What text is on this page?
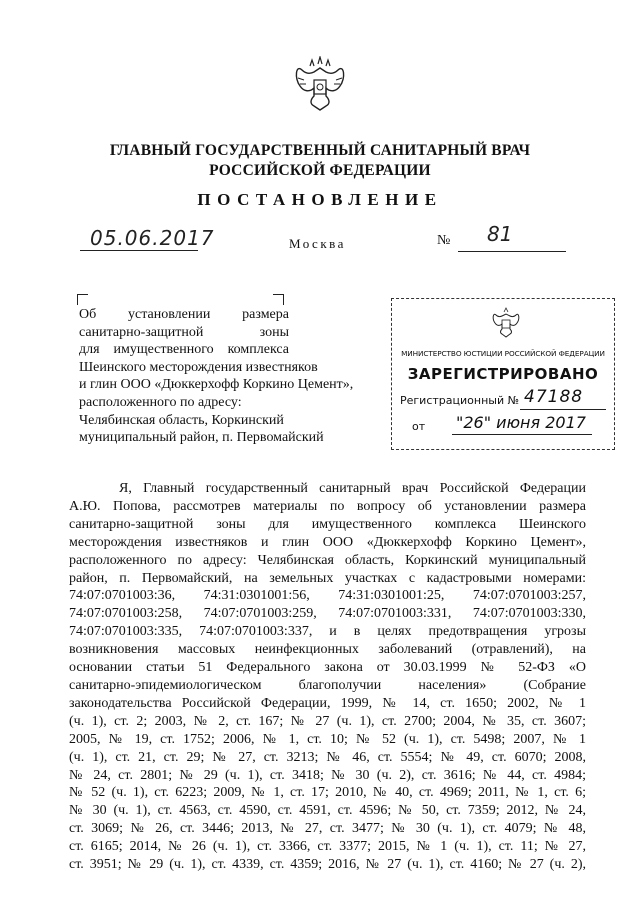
ГЛАВНЫЙ ГОСУДАРСТВЕННЫЙ САНИТАРНЫЙ ВРАЧ
РОССИЙСКОЙ ФЕДЕРАЦИИ
ПОСТАНОВЛЕНИЕ
05.06.2017	Москва	№ 81
Об установлении размера
санитарно-защитной зоны
для имущественного комплекса
Шеинского месторождения известняков
и глин ООО «Дюккерхофф Коркино Цемент»,
расположенного по адресу:
Челябинская область, Коркинский
муниципальный район, п. Первомайский
МИНИСТЕРСТВО ЮСТИЦИИ РОССИЙСКОЙ ФЕДЕРАЦИИ
ЗАРЕГИСТРИРОВАНО
Регистрационный № 47188
от "26" июня 2017
Я, Главный государственный санитарный врач Российской Федерации
А.Ю. Попова, рассмотрев материалы по вопросу об установлении размера
санитарно-защитной зоны для имущественного комплекса Шеинского
месторождения известняков и глин ООО «Дюккерхофф Коркино Цемент»,
расположенного по адресу: Челябинская область, Коркинский муниципальный
район, п. Первомайский, на земельных участках с кадастровыми номерами:
74:07:0701003:36, 74:31:0301001:56, 74:31:0301001:25, 74:07:0701003:257,
74:07:0701003:258, 74:07:0701003:259, 74:07:0701003:331, 74:07:0701003:330,
74:07:0701003:335, 74:07:0701003:337, и в целях предотвращения угрозы
возникновения массовых неинфекционных заболеваний (отравлений), на
основании статьи 51 Федерального закона от 30.03.1999 № 52-ФЗ «О
санитарно-эпидемиологическом благополучии населения» (Собрание
законодательства Российской Федерации, 1999, № 14, ст. 1650; 2002, № 1
(ч. 1), ст. 2; 2003, № 2, ст. 167; № 27 (ч. 1), ст. 2700; 2004, № 35, ст. 3607;
2005, № 19, ст. 1752; 2006, № 1, ст. 10; № 52 (ч. 1), ст. 5498; 2007, № 1
(ч. 1), ст. 21, ст. 29; № 27, ст. 3213; № 46, ст. 5554; № 49, ст. 6070; 2008,
№ 24, ст. 2801; № 29 (ч. 1), ст. 3418; № 30 (ч. 2), ст. 3616; № 44, ст. 4984;
№ 52 (ч. 1), ст. 6223; 2009, № 1, ст. 17; 2010, № 40, ст. 4969; 2011, № 1, ст. 6;
№ 30 (ч. 1), ст. 4563, ст. 4590, ст. 4591, ст. 4596; № 50, ст. 7359; 2012, № 24,
ст. 3069; № 26, ст. 3446; 2013, № 27, ст. 3477; № 30 (ч. 1), ст. 4079; № 48,
ст. 6165; 2014, № 26 (ч. 1), ст. 3366, ст. 3377; 2015, № 1 (ч. 1), ст. 11; № 27,
ст. 3951; № 29 (ч. 1), ст. 4339, ст. 4359; 2016, № 27 (ч. 1), ст. 4160; № 27 (ч. 2),
